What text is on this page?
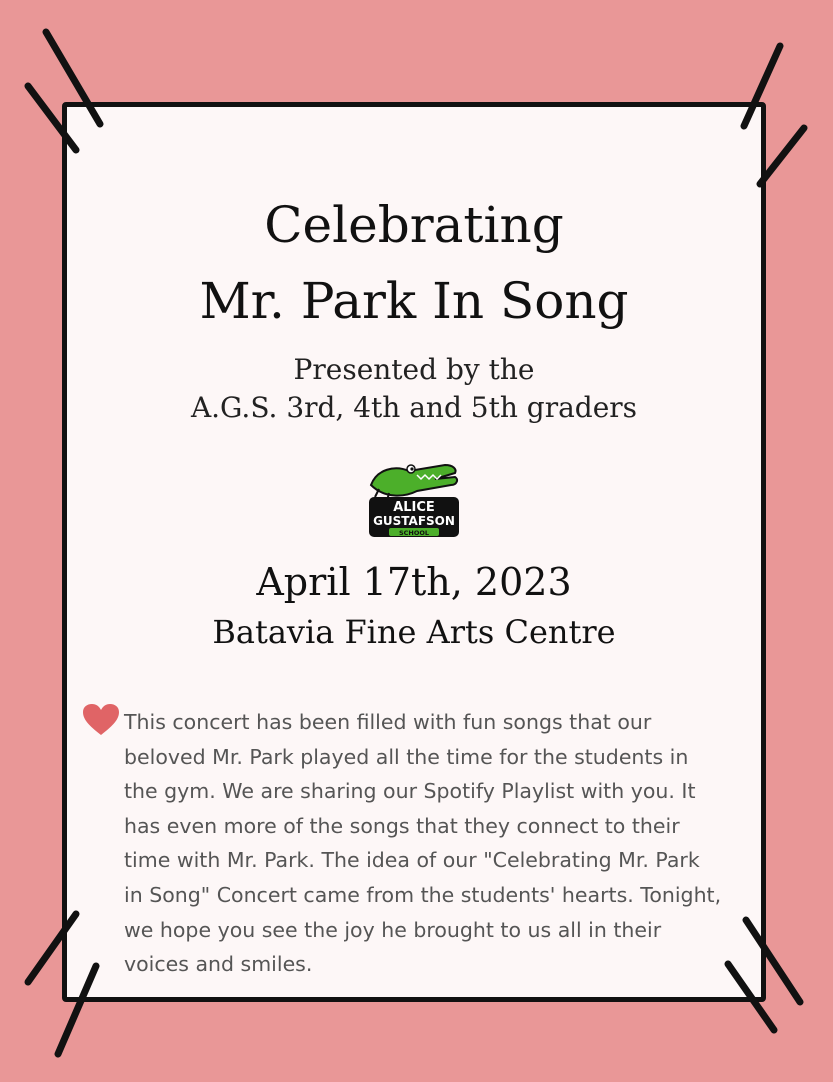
Celebrating
Mr. Park In Song
Presented by the
A.G.S. 3rd, 4th and 5th graders
ALICE
GUSTAFSON
SCHOOL
April 17th, 2023
Batavia Fine Arts Centre

This concert has been filled with fun songs that our beloved Mr. Park played all the time for the students in the gym. We are sharing our Spotify Playlist with you. It has even more of the songs that they connect to their time with Mr. Park. The idea of our "Celebrating Mr. Park in Song" Concert came from the students' hearts. Tonight, we hope you see the joy he brought to us all in their voices and smiles.
